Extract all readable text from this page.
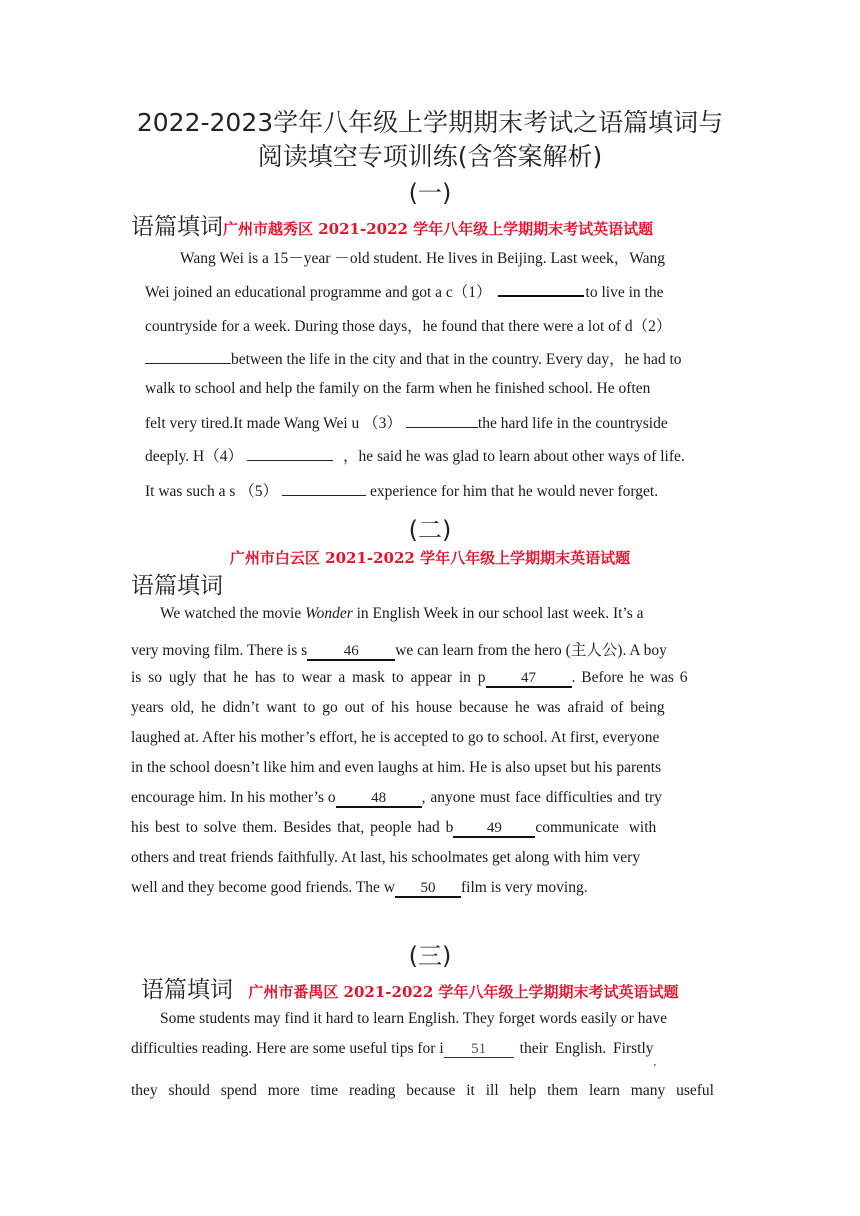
2022-2023学年八年级上学期期末考试之语篇填词与
阅读填空专项训练(含答案解析)
(一)
语篇填词广州市越秀区 2021-2022 学年八年级上学期期末考试英语试题
Wang Wei is a 15－year －old student. He lives in Beijing. Last week，Wang
Wei joined an educational programme and got a c（1）	to live in the
countryside for a week. During those days，he found that there were a lot of d（2）
between the life in the city and that in the country. Every day，he had to
walk to school and help the family on the farm when he finished school. He often
felt very tired.It made Wang Wei u （3）	the hard life in the countryside
deeply. H（4）	，he said he was glad to learn about other ways of life.
It was such a s （5）	experience for him that he would never forget.
(二)
广州市白云区 2021-2022 学年八年级上学期期末英语试题
语篇填词
We watched the movie Wonder in English Week in our school last week. It’s a
very moving film. There is s	46	we can learn from the hero (主人公). A boy
is so ugly that he has to wear a mask to appear in p	47	. Before he was 6
years old, he didn’t want to go out of his house because he was afraid of being
laughed at. After his mother’s effort, he is accepted to go to school. At first, everyone
in the school doesn’t like him and even laughs at him. He is also upset but his parents
encourage him. In his mother’s o	48	, anyone must face difficulties and try
his best to solve them. Besides that, people had b	49	communicate with
others and treat friends faithfully. At last, his schoolmates get along with him very
well and they become good friends. The w	50	film is very moving.
(三)
语篇填词 广州市番禺区 2021-2022 学年八年级上学期期末考试英语试题
Some students may find it hard to learn English. They forget words easily or have
difficulties reading. Here are some useful tips for i	51	their English. Firstly
,
they should spend more time reading because it ill help them learn many useful
